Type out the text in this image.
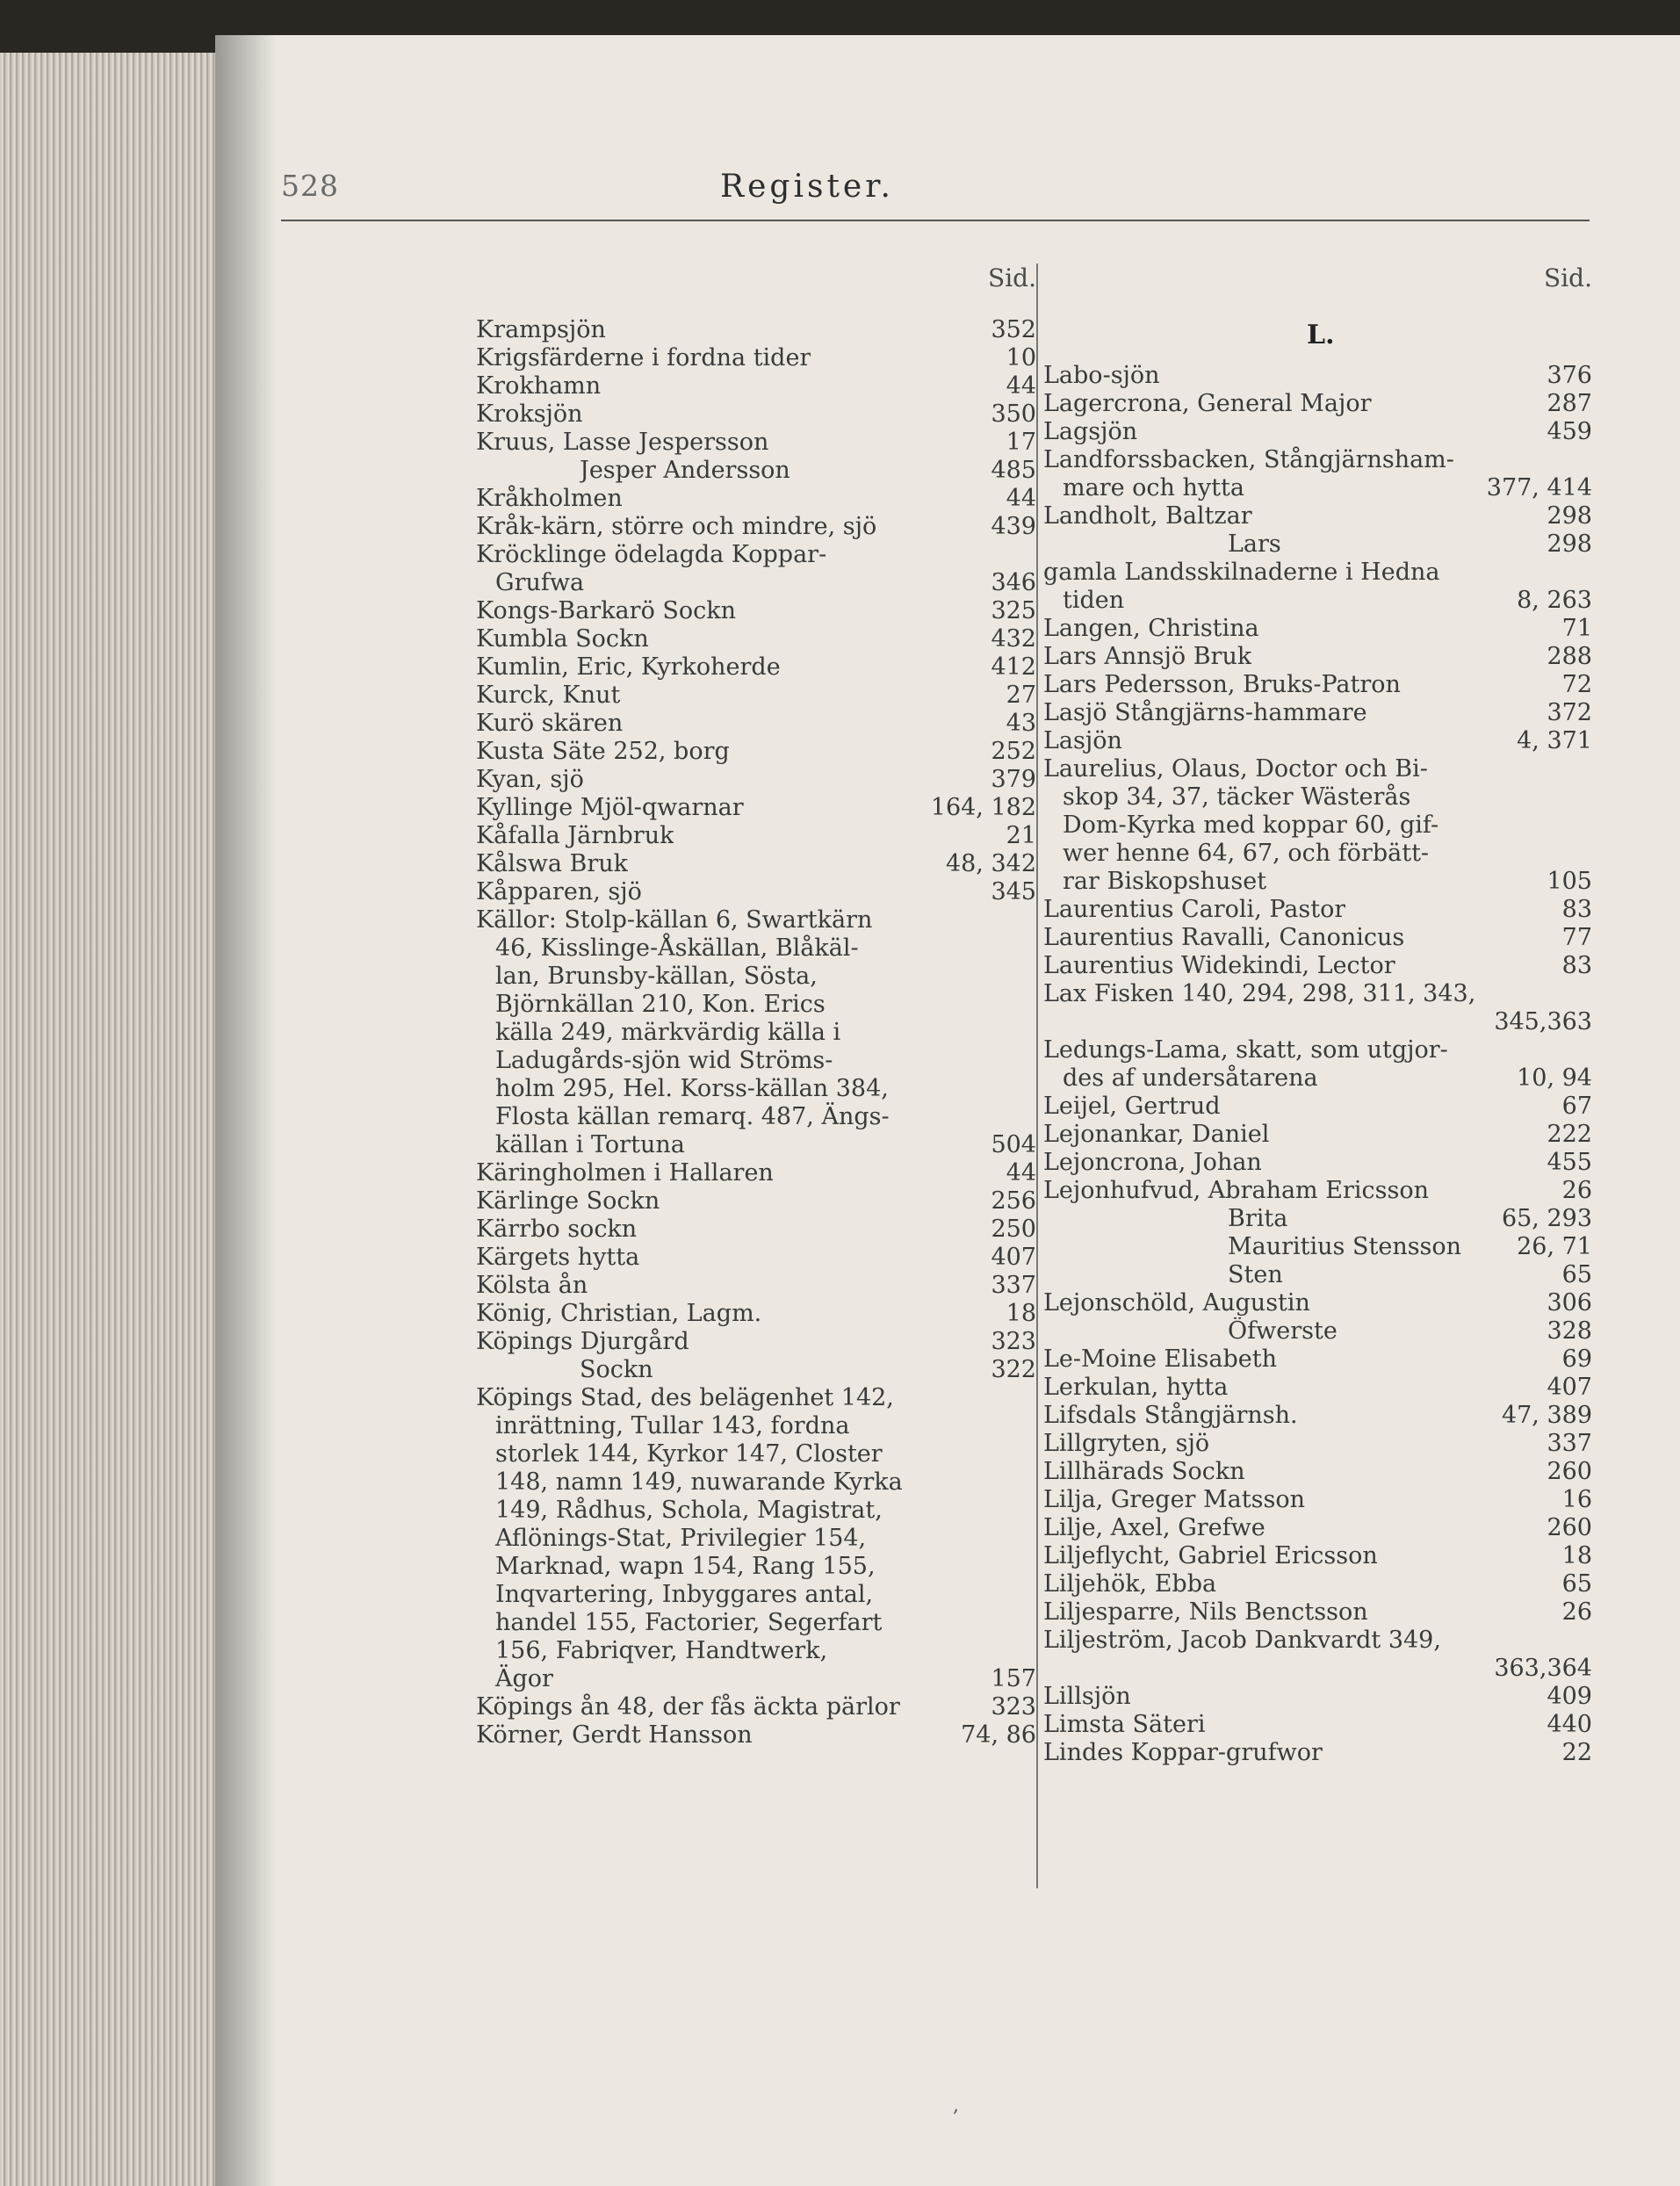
528	Register.
Sid.
Krampsjön	352
Krigsfärderne i fordna tider	10
Krokhamn	44
Kroksjön	350
Kruus, Lasse Jespersson	17
Jesper Andersson	485
Kråkholmen	44
Kråk-kärn, större och mindre, sjö	439
Kröcklinge ödelagda Koppar-
Grufwa	346
Kongs-Barkarö Sockn	325
Kumbla Sockn	432
Kumlin, Eric, Kyrkoherde	412
Kurck, Knut	27
Kurö skären	43
Kusta Säte 252, borg	252
Kyan, sjö	379
Kyllinge Mjöl-qwarnar	164, 182
Kåfalla Järnbruk	21
Kålswa Bruk	48, 342
Kåpparen, sjö	345
Källor: Stolp-källan 6, Swartkärn
46, Kisslinge-Åskällan, Blåkäl-
lan, Brunsby-källan, Sösta,
Björnkällan 210, Kon. Erics
källa 249, märkvärdig källa i
Ladugårds-sjön wid Ströms-
holm 295, Hel. Korss-källan 384,
Flosta källan remarq. 487, Ängs-
källan i Tortuna	504
Käringholmen i Hallaren	44
Kärlinge Sockn	256
Kärrbo sockn	250
Kärgets hytta	407
Kölsta ån	337
König, Christian, Lagm.	18
Köpings Djurgård	323
Sockn	322
Köpings Stad, des belägenhet 142,
inrättning, Tullar 143, fordna
storlek 144, Kyrkor 147, Closter
148, namn 149, nuwarande Kyrka
149, Rådhus, Schola, Magistrat,
Aflönings-Stat, Privilegier 154,
Marknad, wapn 154, Rang 155,
Inqvartering, Inbyggares antal,
handel 155, Factorier, Segerfart
156, Fabriqver, Handtwerk,
Ägor	157
Köpings ån 48, der fås äckta pärlor	323
Körner, Gerdt Hansson	74, 86
Sid.
L.
Labo-sjön	376
Lagercrona, General Major	287
Lagsjön	459
Landforssbacken, Stångjärnsham-
mare och hytta	377, 414
Landholt, Baltzar	298
Lars	298
gamla Landsskilnaderne i Hedna
tiden	8, 263
Langen, Christina	71
Lars Annsjö Bruk	288
Lars Pedersson, Bruks-Patron	72
Lasjö Stångjärns-hammare	372
Lasjön	4, 371
Laurelius, Olaus, Doctor och Bi-
skop 34, 37, täcker Wästerås
Dom-Kyrka med koppar 60, gif-
wer henne 64, 67, och förbätt-
rar Biskopshuset	105
Laurentius Caroli, Pastor	83
Laurentius Ravalli, Canonicus	77
Laurentius Widekindi, Lector	83
Lax Fisken 140, 294, 298, 311, 343,
345, 363
Ledungs-Lama, skatt, som utgjor-
des af undersåtarena	10, 94
Leijel, Gertrud	67
Lejonankar, Daniel	222
Lejoncrona, Johan	455
Lejonhufvud, Abraham Ericsson	26
Brita	65, 293
Mauritius Stensson	26, 71
Sten	65
Lejonschöld, Augustin	306
Öfwerste	328
Le-Moine Elisabeth	69
Lerkulan, hytta	407
Lifsdals Stångjärnsh.	47, 389
Lillgryten, sjö	337
Lillhärads Sockn	260
Lilja, Greger Matsson	16
Lilje, Axel, Grefwe	260
Liljeflycht, Gabriel Ericsson	18
Liljehök, Ebba	65
Liljesparre, Nils Benctsson	26
Liljeström, Jacob Dankvardt 349,
363, 364
Lillsjön	409
Limsta Säteri	440
Lindes Koppar-grufwor	22
,
